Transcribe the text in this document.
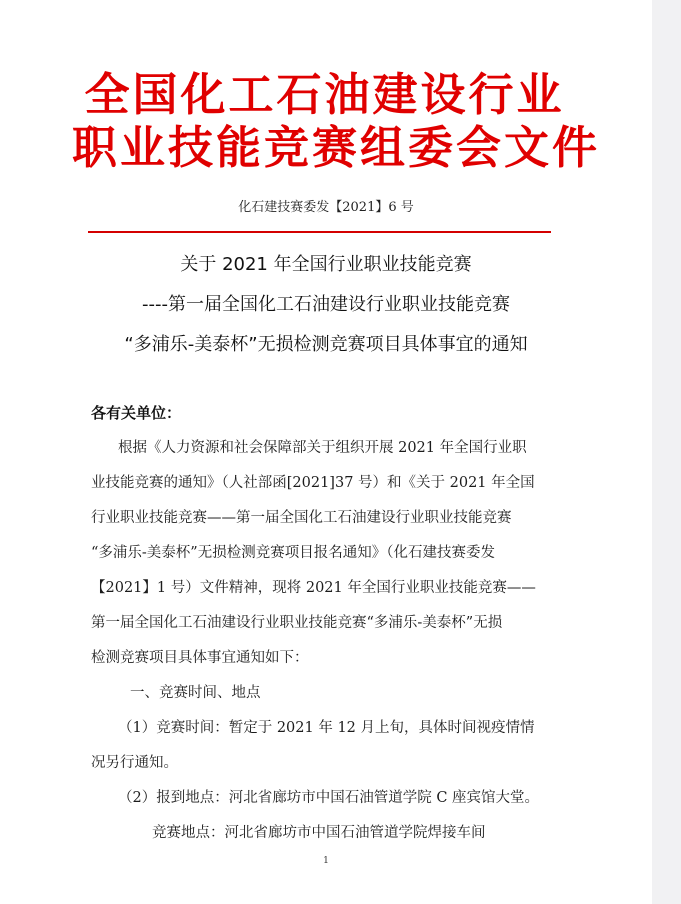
全国化工石油建设行业
职业技能竞赛组委会文件
化石建技赛委发【2021】6 号
关于 2021 年全国行业职业技能竞赛
----第一届全国化工石油建设行业职业技能竞赛
“多浦乐-美泰杯”无损检测竞赛项目具体事宜的通知
各有关单位：
根据《人力资源和社会保障部关于组织开展 2021 年全国行业职
业技能竞赛的通知》（人社部函[2021]37 号）和《关于 2021 年全国
行业职业技能竞赛——第一届全国化工石油建设行业职业技能竞赛
“多浦乐-美泰杯”无损检测竞赛项目报名通知》（化石建技赛委发
【2021】1 号）文件精神，现将 2021 年全国行业职业技能竞赛——
第一届全国化工石油建设行业职业技能竞赛“多浦乐-美泰杯”无损
检测竞赛项目具体事宜通知如下：
一、竞赛时间、地点
（1）竞赛时间：暂定于 2021 年 12 月上旬，具体时间视疫情情
况另行通知。
（2）报到地点：河北省廊坊市中国石油管道学院 C 座宾馆大堂。
竞赛地点：河北省廊坊市中国石油管道学院焊接车间
1
